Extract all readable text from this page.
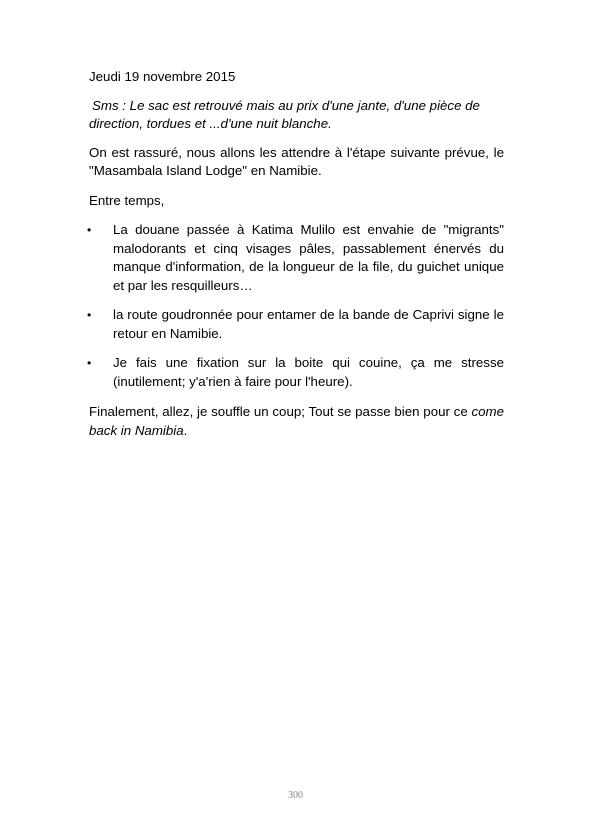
Jeudi 19 novembre 2015

Sms : Le sac est retrouvé mais au prix d'une jante, d'une pièce de direction, tordues et ...d'une nuit blanche.

On est rassuré, nous allons les attendre à l'étape suivante prévue, le "Masambala Island Lodge" en Namibie.

Entre temps,

• La douane passée à Katima Mulilo est envahie de "migrants" malodorants et cinq visages pâles, passablement énervés du manque d'information, de la longueur de la file, du guichet unique et par les resquilleurs…
• la route goudronnée pour entamer de la bande de Caprivi signe le retour en Namibie.
• Je fais une fixation sur la boite qui couine, ça me stresse (inutilement; y'a'rien à faire pour l'heure).

Finalement, allez, je souffle un coup; Tout se passe bien pour ce come back in Namibia.

300
